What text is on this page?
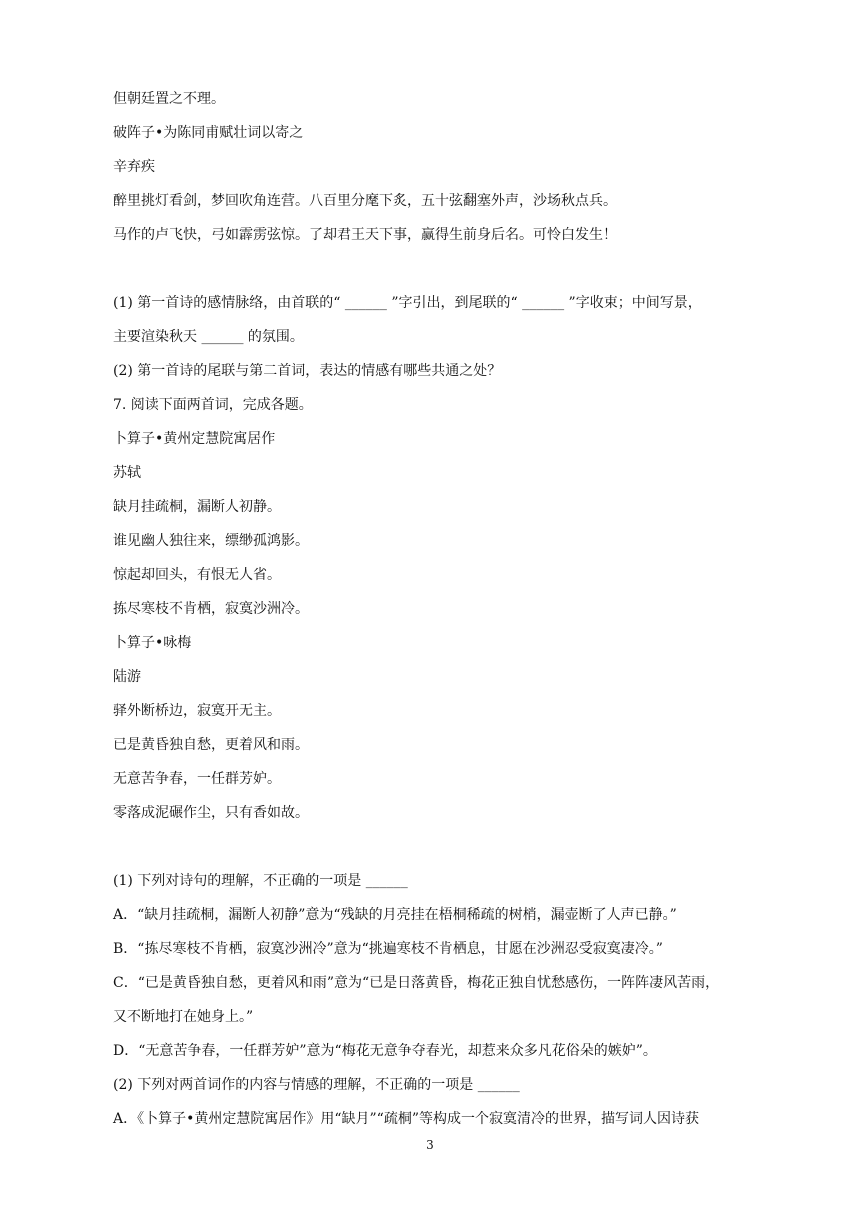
但朝廷置之不理。
破阵子•为陈同甫赋壮词以寄之
辛弃疾
醉里挑灯看剑，梦回吹角连营。八百里分麾下炙，五十弦翻塞外声，沙场秋点兵。
马作的卢飞快，弓如霹雳弦惊。了却君王天下事，赢得生前身后名。可怜白发生！
(1) 第一首诗的感情脉络，由首联的“ ______ ”字引出，到尾联的“ ______ ”字收束；中间写景，
主要渲染秋天 ______ 的氛围。
(2) 第一首诗的尾联与第二首词，表达的情感有哪些共通之处？
7. 阅读下面两首词，完成各题。
卜算子•黄州定慧院寓居作
苏轼
缺月挂疏桐，漏断人初静。
谁见幽人独往来，缥缈孤鸿影。
惊起却回头，有恨无人省。
拣尽寒枝不肯栖，寂寞沙洲冷。
卜算子•咏梅
陆游
驿外断桥边，寂寞开无主。
已是黄昏独自愁，更着风和雨。
无意苦争春，一任群芳妒。
零落成泥碾作尘，只有香如故。
(1) 下列对诗句的理解，不正确的一项是 ______
A．“缺月挂疏桐，漏断人初静”意为“残缺的月亮挂在梧桐稀疏的树梢，漏壶断了人声已静。”
B．“拣尽寒枝不肯栖，寂寞沙洲冷”意为“挑遍寒枝不肯栖息，甘愿在沙洲忍受寂寞凄冷。”
C．“已是黄昏独自愁，更着风和雨”意为“已是日落黄昏，梅花正独自忧愁感伤，一阵阵凄风苦雨，
又不断地打在她身上。”
D．“无意苦争春，一任群芳妒”意为“梅花无意争夺春光，却惹来众多凡花俗朵的嫉妒”。
(2) 下列对两首词作的内容与情感的理解，不正确的一项是 ______
A．《卜算子•黄州定慧院寓居作》用“缺月”“疏桐”等构成一个寂寞清冷的世界，描写词人因诗获
3
